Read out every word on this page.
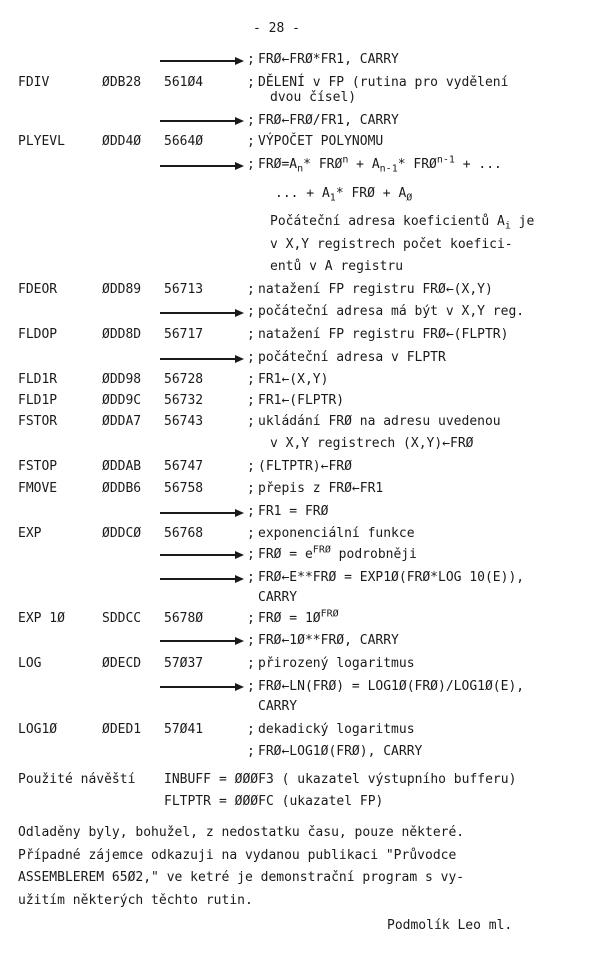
- 28 -
; FRØ←FRØ*FR1, CARRY
FDIV	ØDB28 561Ø4	; DĚLENÍ v FP (rutina pro vydělení
dvou čísel)
; FRØ←FRØ/FR1, CARRY
PLYEVL	ØDD4Ø 5664Ø	; VÝPOČET POLYNOMU
; $FRØ=A_n*$ $FRØ^n + A_{n-1}*$ $FRØ^{n-1}$ + ...
... + $A_1*$ FRØ + $A_Ø$
Počáteční adresa koeficientů $A_i$ je
v X,Y registrech počet koefici-
entů v A registru
FDEOR	ØDD89 56713	; natažení FP registru FRØ←(X,Y)
; počáteční adresa má být v X,Y reg.
FLDOP	ØDD8D 56717	; natažení FP registru FRØ←(FLPTR)
; počáteční adresa v FLPTR
FLD1R	ØDD98 56728	; FR1←(X,Y)
FLD1P	ØDD9C 56732	; FR1←(FLPTR)
FSTOR	ØDDA7 56743	; ukládání FRØ na adresu uvedenou
v X,Y registrech (X,Y)←FRØ
FSTOP	ØDDAB 56747	; (FLTPTR)←FRØ
FMOVE	ØDDB6 56758	; přepis z FRØ←FR1
; FR1 = FRØ
EXP	ØDDCØ 56768	; exponenciální funkce
; FRØ = $e^{FRØ}$ podrobněji
; FRØ←E**FRØ = EXP1Ø(FRØ*LOG 10(E)),
CARRY
EXP 1Ø	SDDCC 5678Ø	; FRØ = $1Ø^{FRØ}$
; FRØ←1Ø**FRØ, CARRY
LOG	ØDECD 57Ø37	; přirozený logaritmus
; FRØ←LN(FRØ) = LOG1Ø(FRØ)/LOG1Ø(E),
CARRY
LOG1Ø	ØDED1 57Ø41	; dekadický logaritmus
; FRØ←LOG1Ø(FRØ), CARRY
Použité návěští INBUFF = ØØØF3 ( ukazatel výstupního bufferu)
FLTPTR = ØØØFC (ukazatel FP)
Odladěny byly, bohužel, z nedostatku času, pouze některé.
Případné zájemce odkazuji na vydanou publikaci "Průvodce
ASSEMBLEREM 65Ø2," ve ketré je demonstrační program s vy-
užitím některých těchto rutin.
Podmolík Leo ml.
